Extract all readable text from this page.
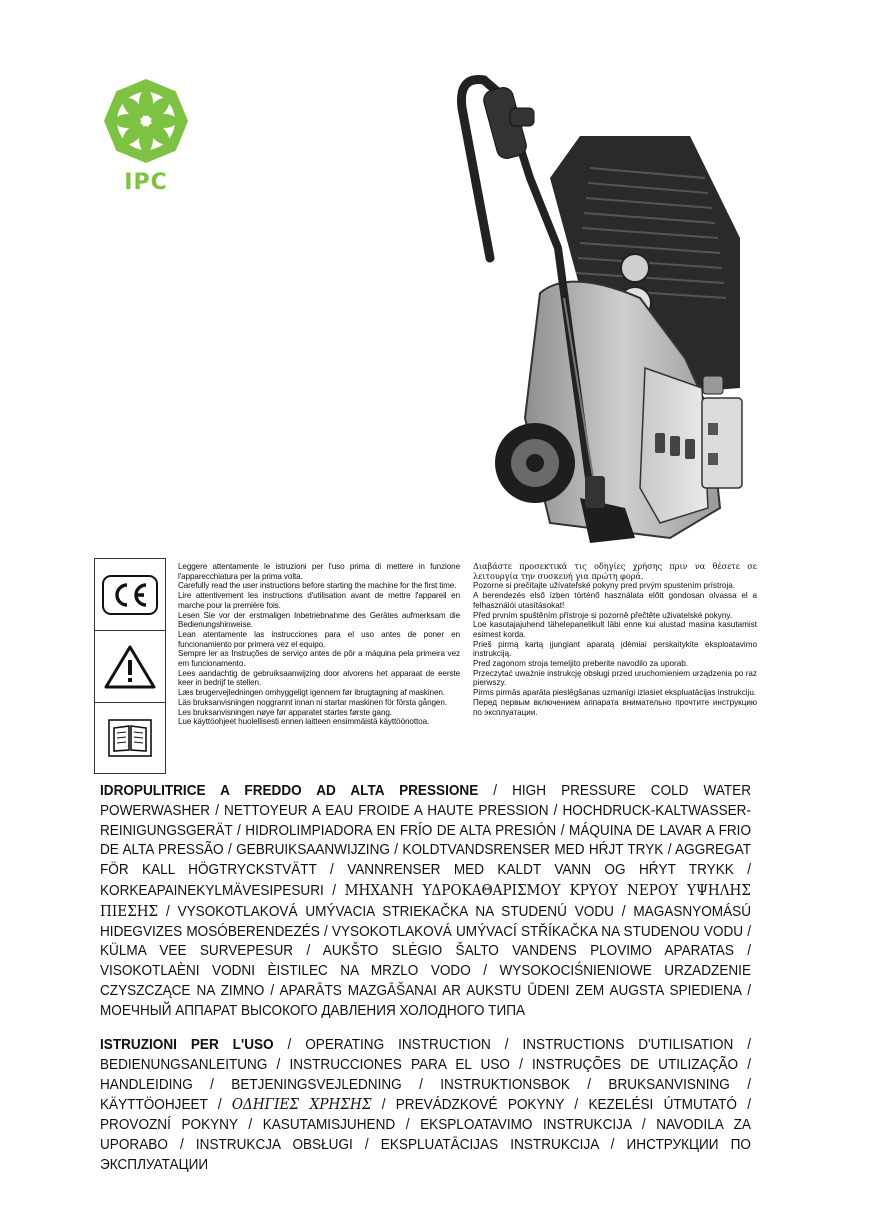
IPC

Leggere attentamente le istruzioni per l'uso prima di mettere in funzione l'apparecchiatura per la prima volta.

Carefully read the user instructions before starting the machine for the first time.

Lire attentivement les instructions d'utilisation avant de mettre l'appareil en marche pour la première fois.

Lesen Sie vor der erstmaligen Inbetriebnahme des Gerätes aufmerksam die Bedienungshinweise.

Lean atentamente las instrucciones para el uso antes de poner en funcionamiento por primera vez el equipo.

Sempre ler as Instruções de serviço antes de pôr a máquina pela primeira vez em funcionamento.

Lees aandachtig de gebruiksaanwijzing door alvorens het apparaat de eerste keer in bedrijf te stellen.

Læs brugervejledningen omhyggeligt igennem før ibrugtagning af maskinen.

Läs bruksanvisningen noggrannt innan ni startar maskinen för första gången.

Les bruksanvisningen nøye før apparatet startes første gang.

Lue käyttöohjeet huolellisesti ennen laitteen ensimmäistä käyttöönottoa.

Διαβάστε προσεκτικά τις οδηγίες χρήσης πριν να θέσετε σε λειτουργία την συσκευή για πρώτη φορά.

Pozorne si prečítajte užívateľské pokyny pred prvým spustením prístroja.

A berendezés első ízben történő használata előtt gondosan olvassa el a felhasználói utasításokat!

Před prvním spuštěním přístroje si pozorně přečtěte uživatelské pokyny.

Loe kasutajajuhend tähelepanelikult läbi enne kui alustad masina kasutamist esimest korda.

Prieš pirmą kartą įjungiant aparatą įdėmiai perskaitykite eksploatavimo instrukciją.

Pred zagonom stroja temeljito preberite navodilo za uporab.

Przeczytać uważnie instrukcję obsługi przed uruchomieniem urządzenia po raz pierwszy.

Pirms pirmās aparāta pieslēgšanas uzmanīgi izlasiet ekspluatācijas instrukciju.

Перед первым включением аппарата внимательно прочтите инструкцию по эксплуатации.

IDROPULITRICE A FREDDO AD ALTA PRESSIONE / HIGH PRESSURE COLD WATER POWERWASHER / NETTOYEUR A EAU FROIDE A HAUTE PRESSION / HOCHDRUCK-KALTWASSER-REINIGUNGSGERÄT / HIDROLIMPIADORA EN FRÍO DE ALTA PRESIÓN / MÁQUINA DE LAVAR A FRIO DE ALTA PRESSÃO / GEBRUIKSAANWIJZING / KOLDTVANDSRENSER MED HŔJT TRYK / AGGREGAT FÖR KALL HÖGTRYCKSTVÄTT / VANNRENSER MED KALDT VANN OG HŔYT TRYKK / KORKEAPAINEKYLMÄVESIPESURI / ΜΗΧΑΝΗ ΥΔΡΟΚΑΘΑΡΙΣΜΟΥ ΚΡΥΟΥ ΝΕΡΟΥ ΥΨΗΛΗΣ ΠΙΕΣΗΣ / VYSOKOTLAKOVÁ UMÝVACIA STRIEKAČKA NA STUDENÚ VODU / MAGASNYOMÁSÚ HIDEGVIZES MOSÓBERENDEZÉS / VYSOKOTLAKOVÁ UMÝVACÍ STŘÍKAČKA NA STUDENOU VODU / KÜLMA VEE SURVEPESUR / AUKŠTO SLĖGIO ŠALTO VANDENS PLOVIMO APARATAS / VISOKOTLAÈNI VODNI ÈISTILEC NA MRZLO VODO / WYSOKOCIŚNIENIOWE URZADZENIE CZYSZCZĄCE NA ZIMNO / APARĀTS MAZGĀŠANAI AR AUKSTU ŪDENI ZEM AUGSTA SPIEDIENA / МОЕЧНЫЙ АППАРАТ ВЫСОКОГО ДАВЛЕНИЯ ХОЛОДНОГО ТИПА
ISTRUZIONI PER L'USO / OPERATING INSTRUCTION / INSTRUCTIONS D'UTILISATION / BEDIENUNGSANLEITUNG / INSTRUCCIONES PARA EL USO / INSTRUÇÕES DE UTILIZAÇÃO / HANDLEIDING / BETJENINGSVEJLEDNING / INSTRUKTIONSBOK / BRUKSANVISNING / KÄYTTÖOHJEET / ΟΔΗΓΙΕΣ ΧΡΗΣΗΣ / PREVÁDZKOVÉ POKYNY / KEZELÉSI ÚTMUTATÓ / PROVOZNÍ POKYNY / KASUTAMISJUHEND / EKSPLOATAVIMO INSTRUKCIJA / NAVODILA ZA UPORABO / INSTRUKCJA OBSŁUGI / EKSPLUATĀCIJAS INSTRUKCIJA / ИНСТРУКЦИИ ПО ЭКСПЛУАТАЦИИ
